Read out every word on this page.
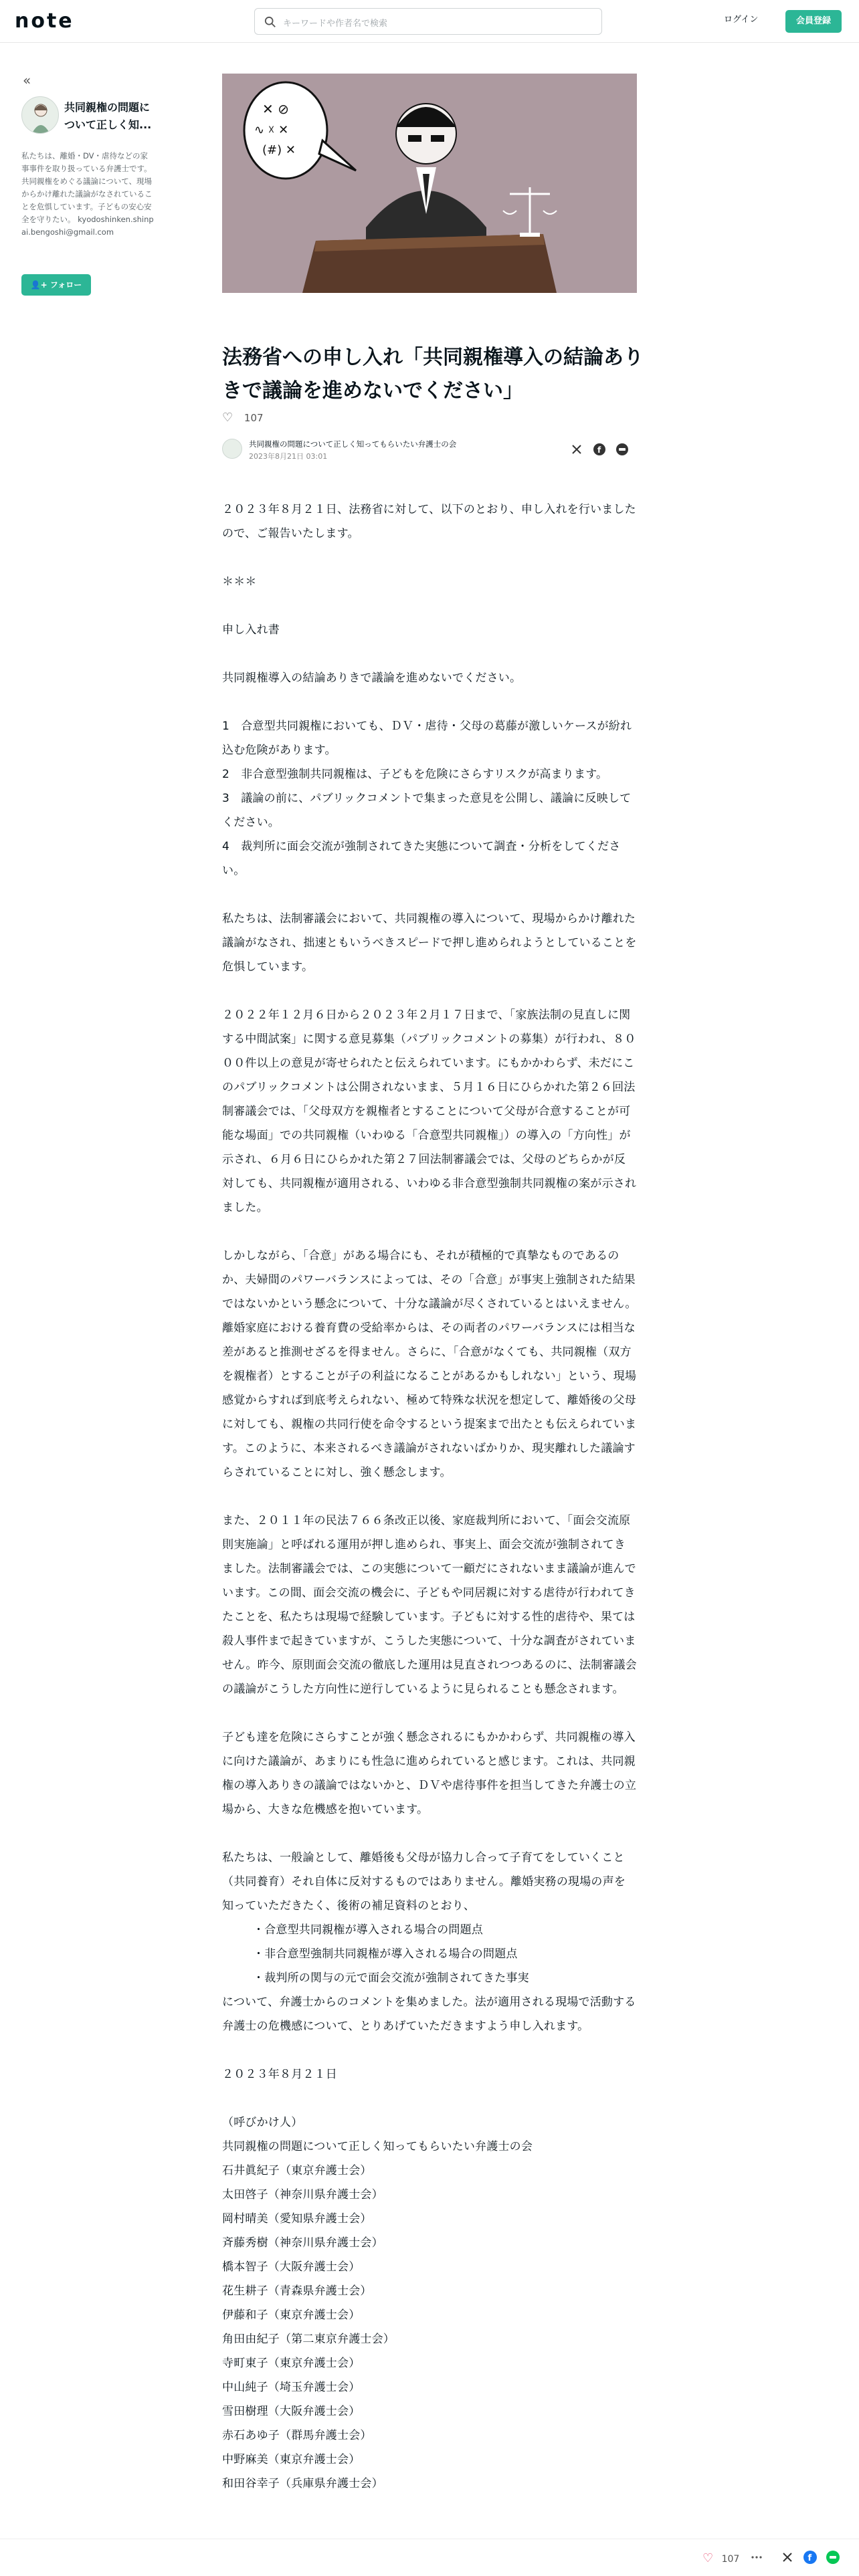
note	キーワードや作者名で検索	ログイン	会員登録
«
共同親権の問題について正しく知...
私たちは、離婚・DV・虐待などの家事事件を取り扱っている弁護士です。共同親権をめぐる議論について、現場からかけ離れた議論がなされていることを危惧しています。子どもの安心安全を守りたい。 kyodoshinken.shinpai.bengoshi@gmail.com
👤+ フォロー
✕ ⊘
∿ ☓ ✕
(#) ✕
法務省への申し入れ「共同親権導入の結論ありきで議論を進めないでください」
♡ 107
共同親権の問題について正しく知ってもらいたい弁護士の会
2023年8月21日 03:01
f

２０２３年８月２１日、法務省に対して、以下のとおり、申し入れを行いましたので、ご報告いたします。

＊＊＊

申し入れ書

共同親権導入の結論ありきで議論を進めないでください。

1　合意型共同親権においても、ＤＶ・虐待・父母の葛藤が激しいケースが紛れ込む危険があります。

2　非合意型強制共同親権は、子どもを危険にさらすリスクが高まります。

3　議論の前に、パブリックコメントで集まった意見を公開し、議論に反映してください。

4　裁判所に面会交流が強制されてきた実態について調査・分析をしてください。

私たちは、法制審議会において、共同親権の導入について、現場からかけ離れた議論がなされ、拙速ともいうべきスピードで押し進められようとしていることを危惧しています。

２０２２年１２月６日から２０２３年２月１７日まで、「家族法制の見直しに関する中間試案」に関する意見募集（パブリックコメントの募集）が行われ、８０００件以上の意見が寄せられたと伝えられています。にもかかわらず、未だにこのパブリックコメントは公開されないまま、５月１６日にひらかれた第２６回法制審議会では、「父母双方を親権者とすることについて父母が合意することが可能な場面」での共同親権（いわゆる「合意型共同親権」）の導入の「方向性」が示され、６月６日にひらかれた第２７回法制審議会では、父母のどちらかが反対しても、共同親権が適用される、いわゆる非合意型強制共同親権の案が示されました。

しかしながら、「合意」がある場合にも、それが積極的で真摯なものであるのか、夫婦間のパワーバランスによっては、その「合意」が事実上強制された結果ではないかという懸念について、十分な議論が尽くされているとはいえません。離婚家庭における養育費の受給率からは、その両者のパワーバランスには相当な差があると推測せざるを得ません。さらに、「合意がなくても、共同親権（双方を親権者）とすることが子の利益になることがあるかもしれない」という、現場感覚からすれば到底考えられない、極めて特殊な状況を想定して、離婚後の父母に対しても、親権の共同行使を命令するという提案まで出たとも伝えられています。このように、本来されるべき議論がされないばかりか、現実離れした議論すらされていることに対し、強く懸念します。

また、２０１１年の民法７６６条改正以後、家庭裁判所において、「面会交流原則実施論」と呼ばれる運用が押し進められ、事実上、面会交流が強制されてきました。法制審議会では、この実態について一顧だにされないまま議論が進んでいます。この間、面会交流の機会に、子どもや同居親に対する虐待が行われてきたことを、私たちは現場で経験しています。子どもに対する性的虐待や、果ては殺人事件まで起きていますが、こうした実態について、十分な調査がされていません。昨今、原則面会交流の徹底した運用は見直されつつあるのに、法制審議会の議論がこうした方向性に逆行しているように見られることも懸念されます。

子ども達を危険にさらすことが強く懸念されるにもかかわらず、共同親権の導入に向けた議論が、あまりにも性急に進められていると感じます。これは、共同親権の導入ありきの議論ではないかと、ＤＶや虐待事件を担当してきた弁護士の立場から、大きな危機感を抱いています。

私たちは、一般論として、離婚後も父母が協力し合って子育てをしていくこと（共同養育）それ自体に反対するものではありません。離婚実務の現場の声を知っていただきたく、後術の補足資料のとおり、

・合意型共同親権が導入される場合の問題点

・非合意型強制共同親権が導入される場合の問題点

・裁判所の関与の元で面会交流が強制されてきた事実

について、弁護士からのコメントを集めました。法が適用される現場で活動する弁護士の危機感について、とりあげていただきますよう申し入れます。

２０２３年８月２１日

（呼びかけ人）

共同親権の問題について正しく知ってもらいたい弁護士の会

石井眞紀子（東京弁護士会）

太田啓子（神奈川県弁護士会）

岡村晴美（愛知県弁護士会）

斉藤秀樹（神奈川県弁護士会）

橋本智子（大阪弁護士会）

花生耕子（青森県弁護士会）

伊藤和子（東京弁護士会）

角田由紀子（第二東京弁護士会）

寺町東子（東京弁護士会）

中山純子（埼玉弁護士会）

雪田樹理（大阪弁護士会）

赤石あゆ子（群馬弁護士会）

中野麻美（東京弁護士会）

和田谷幸子（兵庫県弁護士会）

♡ 107	f
